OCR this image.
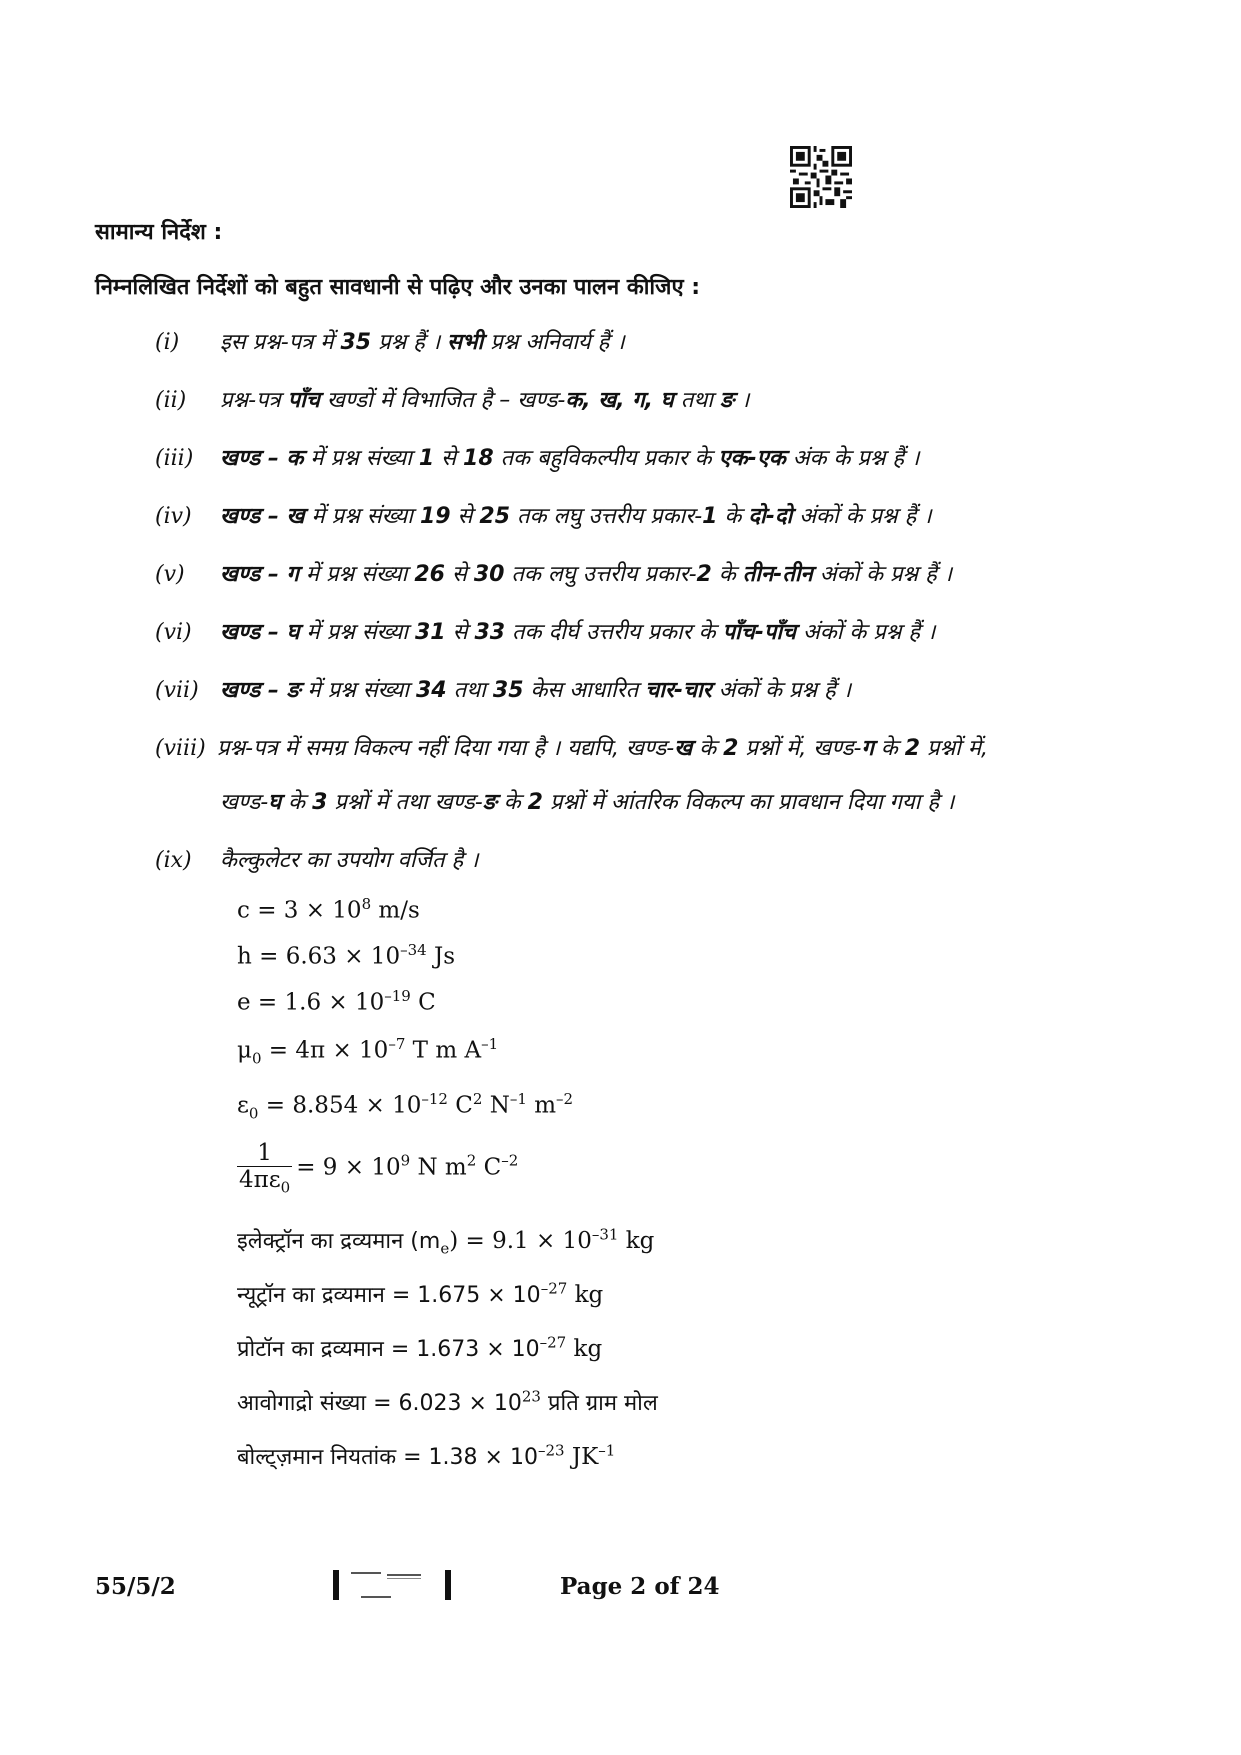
सामान्य निर्देश :
निम्नलिखित निर्देशों को बहुत सावधानी से पढ़िए और उनका पालन कीजिए :
(i) इस प्रश्न-पत्र में 35 प्रश्न हैं । सभी प्रश्न अनिवार्य हैं ।
(ii) प्रश्न-पत्र पाँच खण्डों में विभाजित है – खण्ड-क, ख, ग, घ तथा ङ ।
(iii) खण्ड – क में प्रश्न संख्या 1 से 18 तक बहुविकल्पीय प्रकार के एक-एक अंक के प्रश्न हैं ।
(iv) खण्ड – ख में प्रश्न संख्या 19 से 25 तक लघु उत्तरीय प्रकार-1 के दो-दो अंकों के प्रश्न हैं ।
(v) खण्ड – ग में प्रश्न संख्या 26 से 30 तक लघु उत्तरीय प्रकार-2 के तीन-तीन अंकों के प्रश्न हैं ।
(vi) खण्ड – घ में प्रश्न संख्या 31 से 33 तक दीर्घ उत्तरीय प्रकार के पाँच-पाँच अंकों के प्रश्न हैं ।
(vii) खण्ड – ङ में प्रश्न संख्या 34 तथा 35 केस आधारित चार-चार अंकों के प्रश्न हैं ।
(viii) प्रश्न-पत्र में समग्र विकल्प नहीं दिया गया है । यद्यपि, खण्ड-ख के 2 प्रश्नों में, खण्ड-ग के 2 प्रश्नों में,
खण्ड-घ के 3 प्रश्नों में तथा खण्ड-ङ के 2 प्रश्नों में आंतरिक विकल्प का प्रावधान दिया गया है ।
(ix) कैल्कुलेटर का उपयोग वर्जित है ।
$c = 3 \times 10^8$ m/s
$h = 6.63 \times 10^{-34}$ Js
$e = 1.6 \times 10^{-19}$ C
$\mu_0 = 4\pi \times 10^{-7}$ T m $A^{-1}$
$\varepsilon_0 = 8.854 \times 10^{-12}$ $C^2$ $N^{-1}$ $m^{-2}$
$\frac{1}{4\pi\varepsilon_0} = 9 \times 10^9$ N $m^2$ $C^{-2}$
इलेक्ट्रॉन का द्रव्यमान $(m_e) = 9.1 \times 10^{-31}$ kg
न्यूट्रॉन का द्रव्यमान = $1.675 \times 10^{-27}$ kg
प्रोटॉन का द्रव्यमान = $1.673 \times 10^{-27}$ kg
आवोगाद्रो संख्या = $6.023 \times 10^{23}$ प्रति ग्राम मोल
बोल्ट्ज़मान नियतांक = $1.38 \times 10^{-23}$ $JK^{-1}$
55/5/2	Page 2 of 24
